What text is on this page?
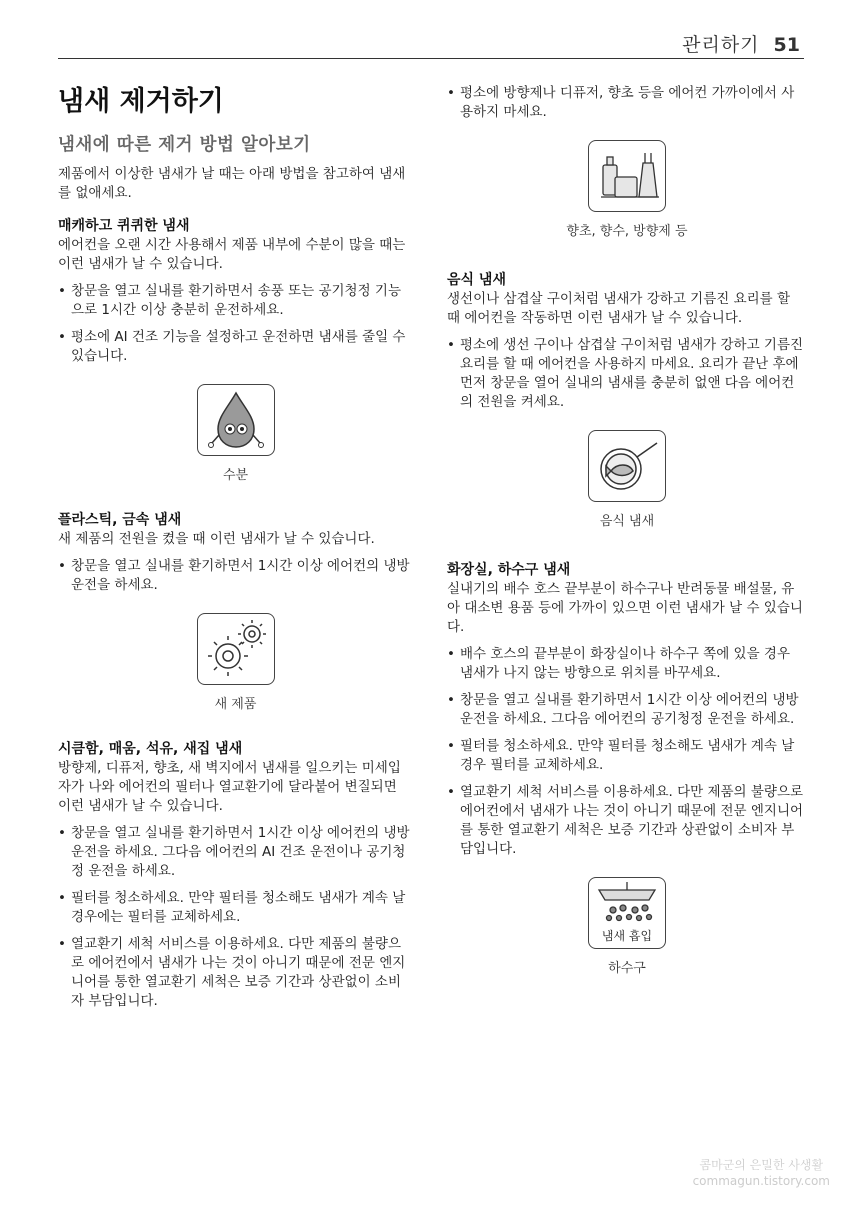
관리하기 51
냄새 제거하기
냄새에 따른 제거 방법 알아보기
제품에서 이상한 냄새가 날 때는 아래 방법을 참고하여 냄새를 없애세요.
매캐하고 퀴퀴한 냄새
에어컨을 오랜 시간 사용해서 제품 내부에 수분이 많을 때는 이런 냄새가 날 수 있습니다.
• 창문을 열고 실내를 환기하면서 송풍 또는 공기청정 기능으로 1시간 이상 충분히 운전하세요.
• 평소에 AI 건조 기능을 설정하고 운전하면 냄새를 줄일 수 있습니다.
수분
플라스틱, 금속 냄새
새 제품의 전원을 켰을 때 이런 냄새가 날 수 있습니다.
• 창문을 열고 실내를 환기하면서 1시간 이상 에어컨의 냉방 운전을 하세요.
새 제품
시큼함, 매움, 석유, 새집 냄새
방향제, 디퓨저, 향초, 새 벽지에서 냄새를 일으키는 미세입자가 나와 에어컨의 필터나 열교환기에 달라붙어 변질되면 이런 냄새가 날 수 있습니다.
• 창문을 열고 실내를 환기하면서 1시간 이상 에어컨의 냉방 운전을 하세요. 그다음 에어컨의 AI 건조 운전이나 공기청정 운전을 하세요.
• 필터를 청소하세요. 만약 필터를 청소해도 냄새가 계속 날 경우에는 필터를 교체하세요.
• 열교환기 세척 서비스를 이용하세요. 다만 제품의 불량으로 에어컨에서 냄새가 나는 것이 아니기 때문에 전문 엔지니어를 통한 열교환기 세척은 보증 기간과 상관없이 소비자 부담입니다.
• 평소에 방향제나 디퓨저, 향초 등을 에어컨 가까이에서 사용하지 마세요.
향초, 향수, 방향제 등
음식 냄새
생선이나 삼겹살 구이처럼 냄새가 강하고 기름진 요리를 할 때 에어컨을 작동하면 이런 냄새가 날 수 있습니다.
• 평소에 생선 구이나 삼겹살 구이처럼 냄새가 강하고 기름진 요리를 할 때 에어컨을 사용하지 마세요. 요리가 끝난 후에 먼저 창문을 열어 실내의 냄새를 충분히 없앤 다음 에어컨의 전원을 켜세요.
음식 냄새
화장실, 하수구 냄새
실내기의 배수 호스 끝부분이 하수구나 반려동물 배설물, 유아 대소변 용품 등에 가까이 있으면 이런 냄새가 날 수 있습니다.
• 배수 호스의 끝부분이 화장실이나 하수구 쪽에 있을 경우 냄새가 나지 않는 방향으로 위치를 바꾸세요.
• 창문을 열고 실내를 환기하면서 1시간 이상 에어컨의 냉방 운전을 하세요. 그다음 에어컨의 공기청정 운전을 하세요.
• 필터를 청소하세요. 만약 필터를 청소해도 냄새가 계속 날 경우 필터를 교체하세요.
• 열교환기 세척 서비스를 이용하세요. 다만 제품의 불량으로 에어컨에서 냄새가 나는 것이 아니기 때문에 전문 엔지니어를 통한 열교환기 세척은 보증 기간과 상관없이 소비자 부담입니다.
냄새 흡입
하수구
콤마군의 은밀한 사생활
commagun.tistory.com
